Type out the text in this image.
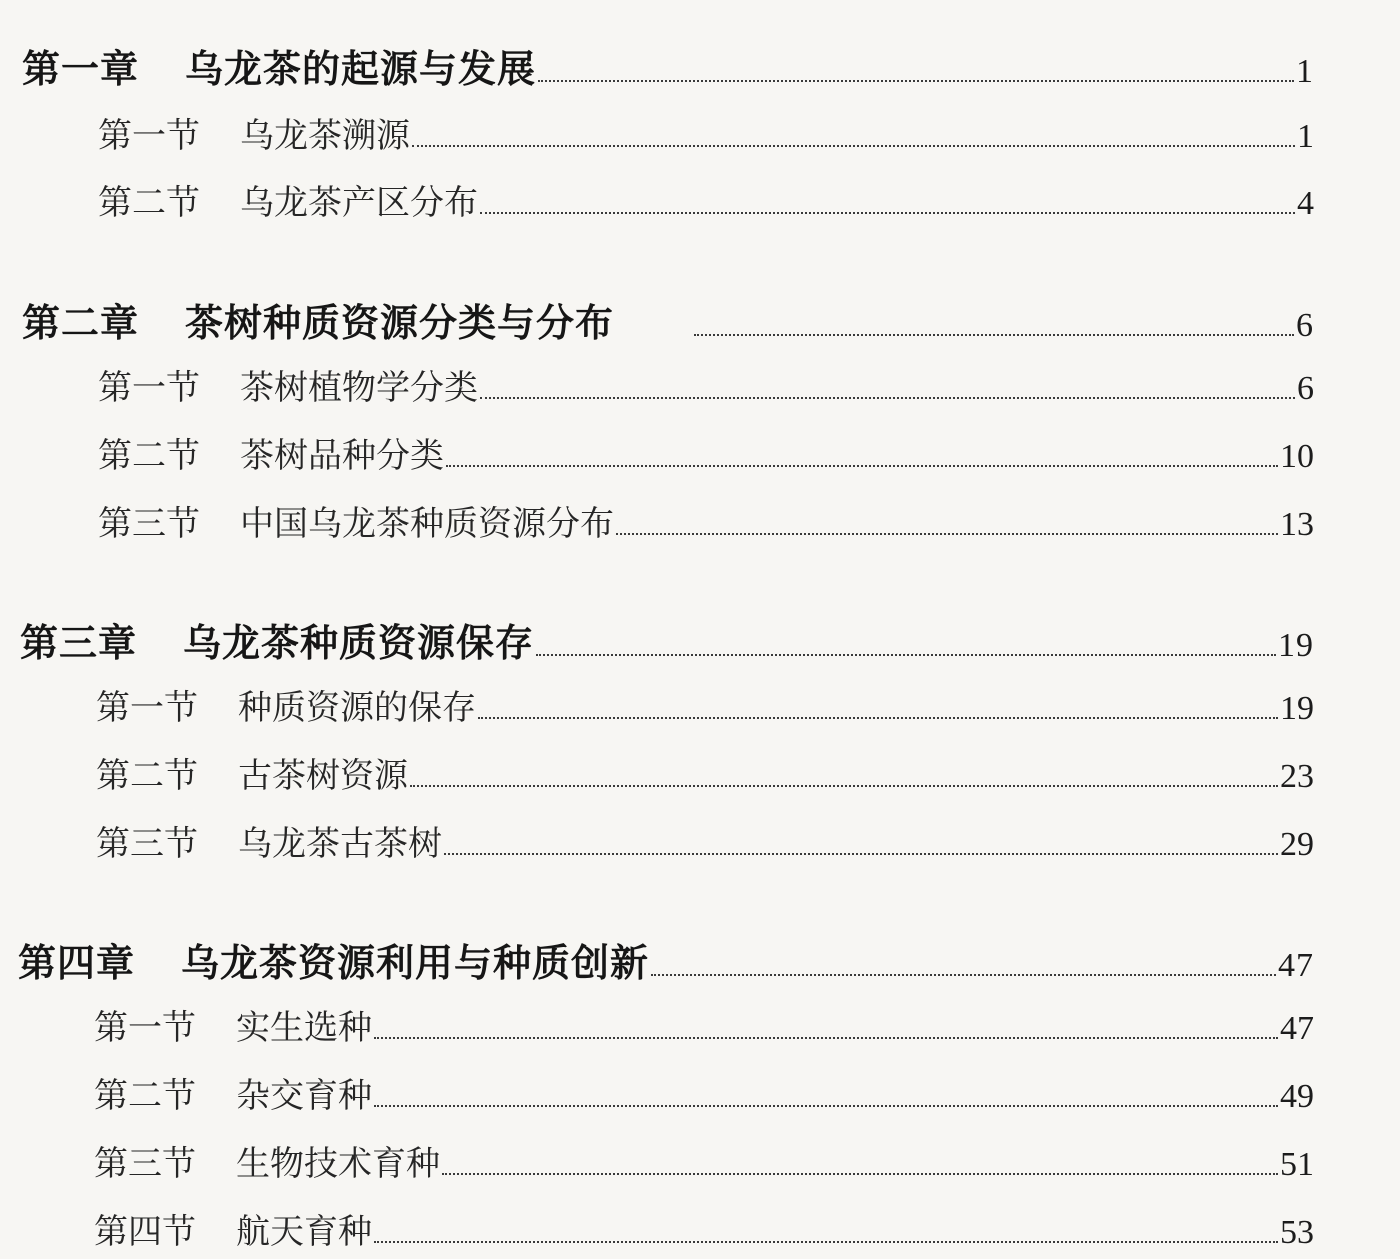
第一章 乌龙茶的起源与发展	1
第一节 乌龙茶溯源	1
第二节 乌龙茶产区分布	4
第二章 茶树种质资源分类与分布	6
第一节 茶树植物学分类	6
第二节 茶树品种分类	10
第三节 中国乌龙茶种质资源分布	13
第三章 乌龙茶种质资源保存	19
第一节 种质资源的保存	19
第二节 古茶树资源	23
第三节 乌龙茶古茶树	29
第四章 乌龙茶资源利用与种质创新	47
第一节 实生选种	47
第二节 杂交育种	49
第三节 生物技术育种	51
第四节 航天育种	53
